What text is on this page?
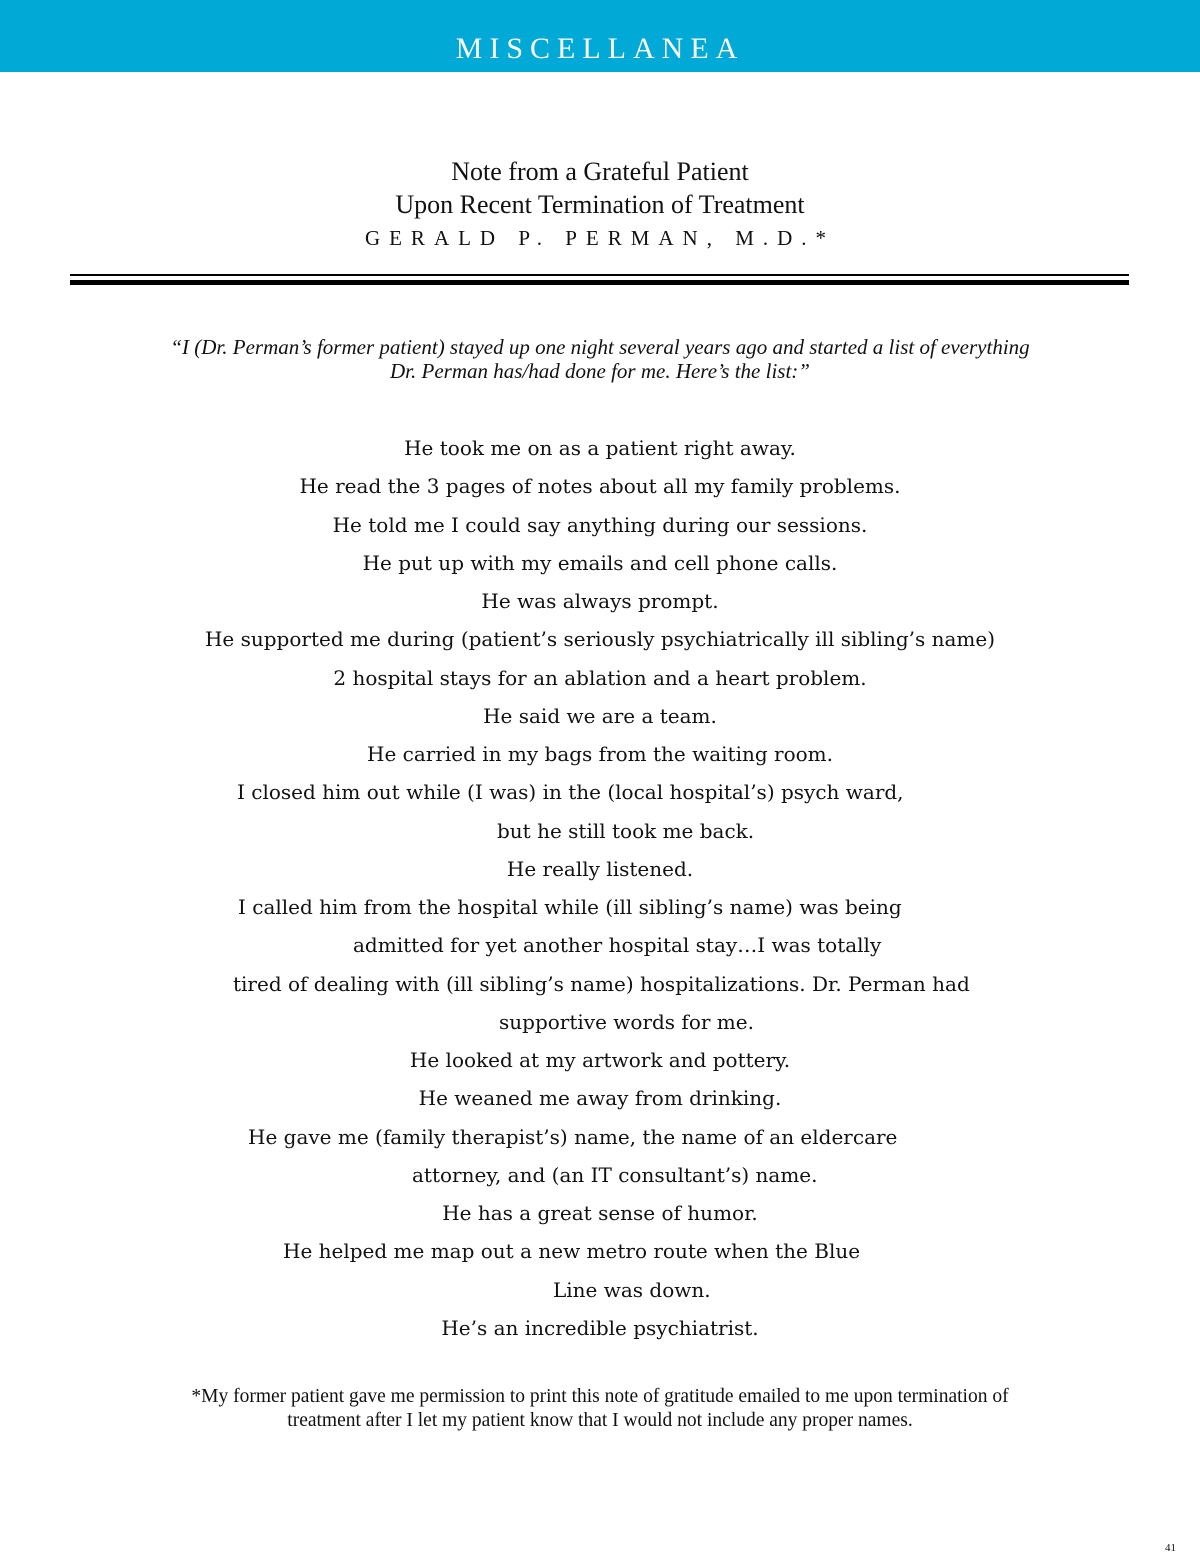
MISCELLANEA
Note from a Grateful Patient
Upon Recent Termination of Treatment
GERALD P. PERMAN, M.D.*
“I (Dr. Perman’s former patient) stayed up one night several years ago and started a list of everything
Dr. Perman has/had done for me. Here’s the list:”
He took me on as a patient right away.
He read the 3 pages of notes about all my family problems.
He told me I could say anything during our sessions.
He put up with my emails and cell phone calls.
He was always prompt.
He supported me during (patient’s seriously psychiatrically ill sibling’s name)
2 hospital stays for an ablation and a heart problem.
He said we are a team.
He carried in my bags from the waiting room.
I closed him out while (I was) in the (local hospital’s) psych ward,
but he still took me back.
He really listened.
I called him from the hospital while (ill sibling’s name) was being
admitted for yet another hospital stay…I was totally
tired of dealing with (ill sibling’s name) hospitalizations. Dr. Perman had
supportive words for me.
He looked at my artwork and pottery.
He weaned me away from drinking.
He gave me (family therapist’s) name, the name of an eldercare
attorney, and (an IT consultant’s) name.
He has a great sense of humor.
He helped me map out a new metro route when the Blue
Line was down.
He’s an incredible psychiatrist.
*My former patient gave me permission to print this note of gratitude emailed to me upon termination of
treatment after I let my patient know that I would not include any proper names.
41
